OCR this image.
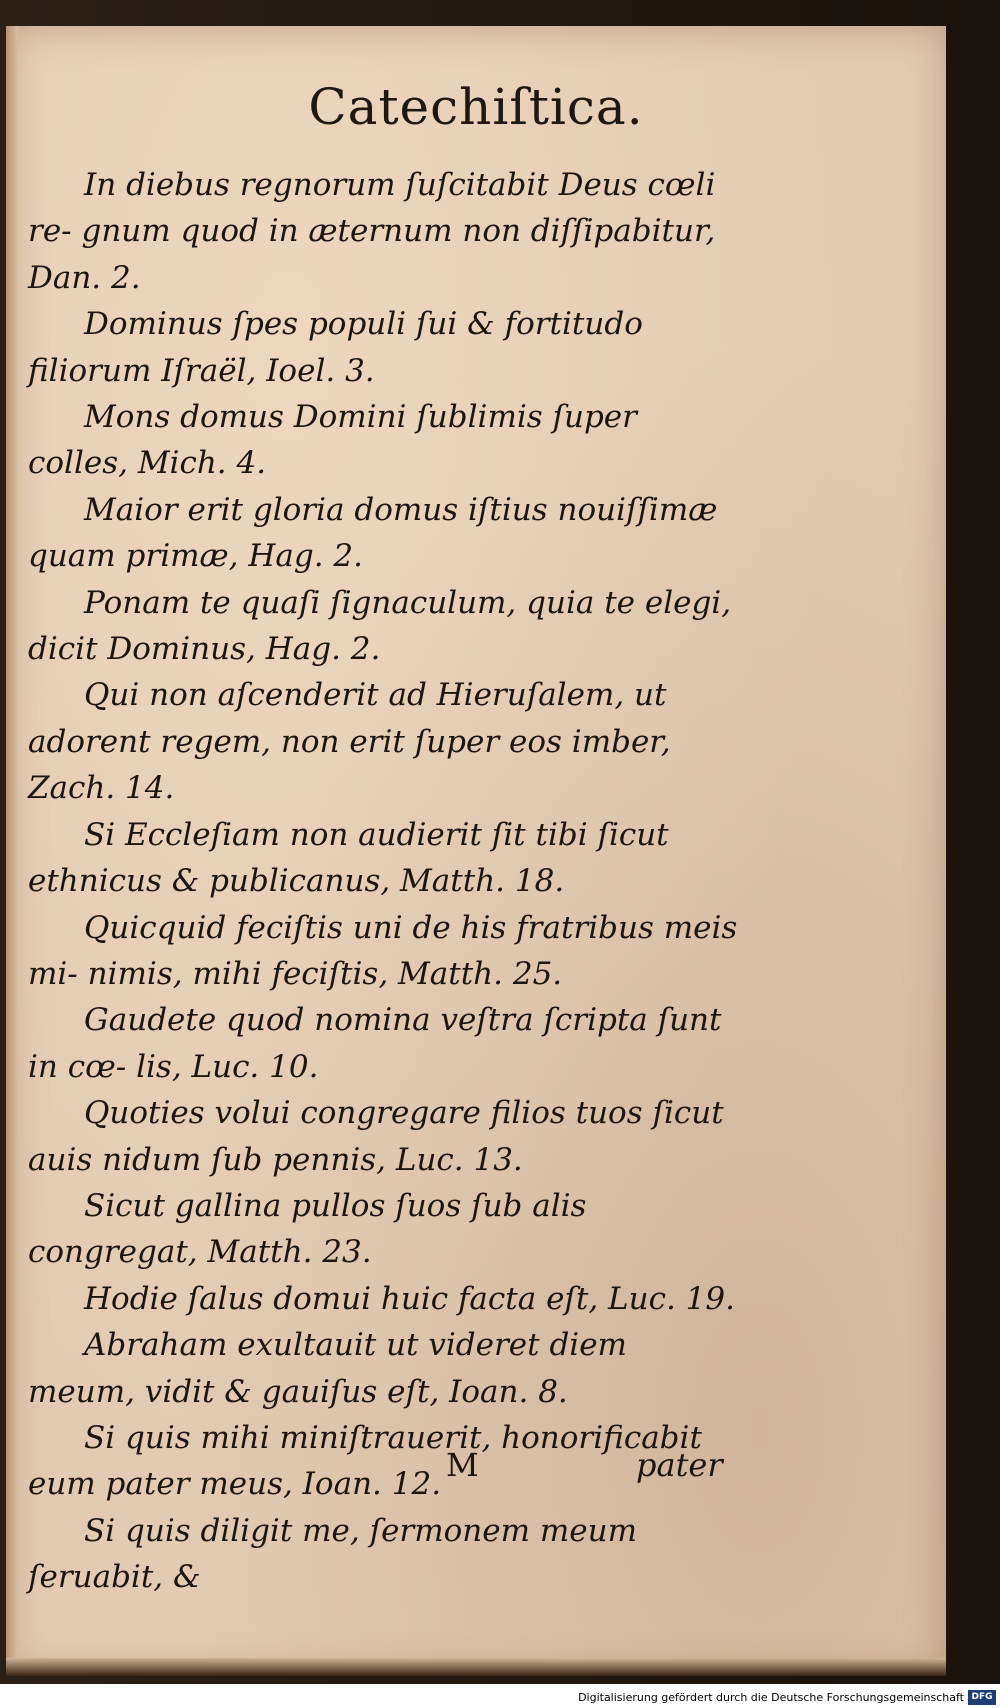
Catechiſtica.

In diebus regnorum ſuſcitabit Deus cœli re- gnum quod in æternum non diſſipabitur, Dan. 2.

Dominus ſpes populi ſui & fortitudo filiorum Iſraël, Ioel. 3.

Mons domus Domini ſublimis ſuper colles, Mich. 4.

Maior erit gloria domus iſtius nouiſſimæ quam primæ, Hag. 2.

Ponam te quaſi ſignaculum, quia te elegi, dicit Dominus, Hag. 2.

Qui non aſcenderit ad Hieruſalem, ut adorent regem, non erit ſuper eos imber, Zach. 14.

Si Eccleſiam non audierit ſit tibi ſicut ethnicus & publicanus, Matth. 18.

Quicquid feciſtis uni de his fratribus meis mi- nimis, mihi feciſtis, Matth. 25.

Gaudete quod nomina veſtra ſcripta ſunt in cœ- lis, Luc. 10.

Quoties volui congregare filios tuos ſicut auis nidum ſub pennis, Luc. 13.

Sicut gallina pullos ſuos ſub alis congregat, Matth. 23.

Hodie ſalus domui huic facta eſt, Luc. 19.

Abraham exultauit ut videret diem meum, vidit & gauiſus eſt, Ioan. 8.

Si quis mihi miniſtrauerit, honorificabit eum pater meus, Ioan. 12.

Si quis diligit me, ſermonem meum ſeruabit, &

M	pater
Digitalisierung gefördert durch die Deutsche Forschungsgemeinschaft DFG
